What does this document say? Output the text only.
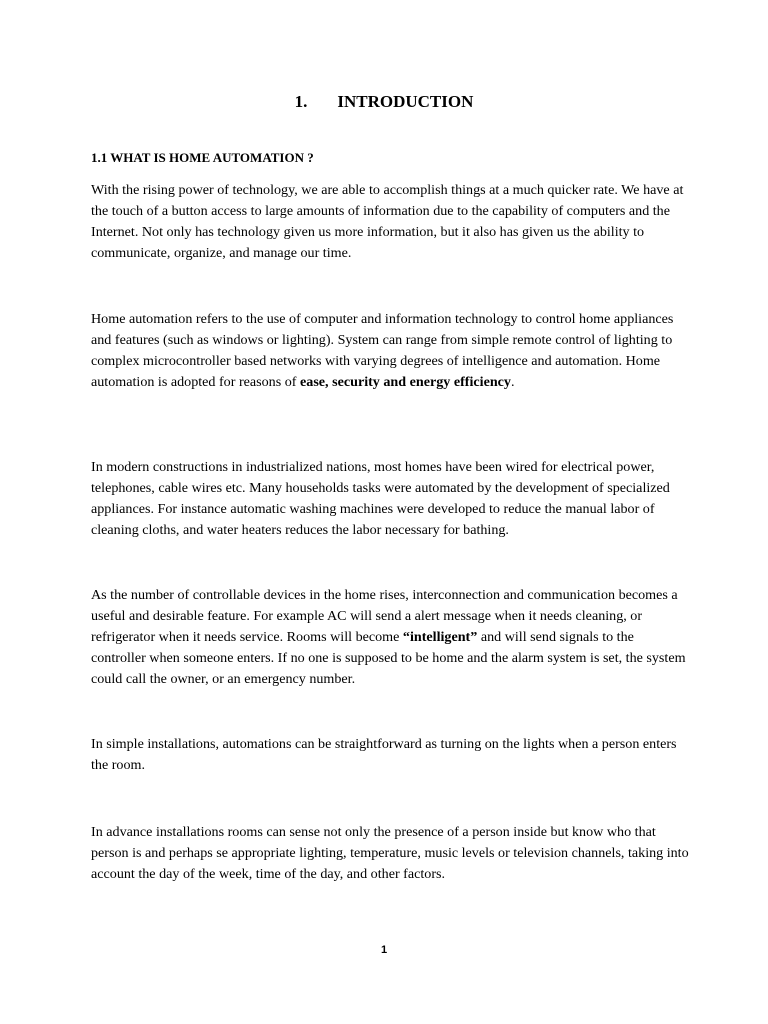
1. INTRODUCTION
1.1 WHAT IS HOME AUTOMATION ?

With the rising power of technology, we are able to accomplish things at a much quicker rate. We have at the touch of a button access to large amounts of information due to the capability of computers and the Internet. Not only has technology given us more information, but it also has given us the ability to communicate, organize, and manage our time.

Home automation refers to the use of computer and information technology to control home appliances and features (such as windows or lighting). System can range from simple remote control of lighting to complex microcontroller based networks with varying degrees of intelligence and automation. Home automation is adopted for reasons of ease, security and energy efficiency.

In modern constructions in industrialized nations, most homes have been wired for electrical power, telephones, cable wires etc. Many households tasks were automated by the development of specialized appliances. For instance automatic washing machines were developed to reduce the manual labor of cleaning cloths, and water heaters reduces the labor necessary for bathing.

As the number of controllable devices in the home rises, interconnection and communication becomes a useful and desirable feature. For example AC will send a alert message when it needs cleaning, or refrigerator when it needs service. Rooms will become “intelligent” and will send signals to the controller when someone enters. If no one is supposed to be home and the alarm system is set, the system could call the owner, or an emergency number.

In simple installations, automations can be straightforward as turning on the lights when a person enters the room.

In advance installations rooms can sense not only the presence of a person inside but know who that person is and perhaps se appropriate lighting, temperature, music levels or television channels, taking into account the day of the week, time of the day, and other factors.

1
